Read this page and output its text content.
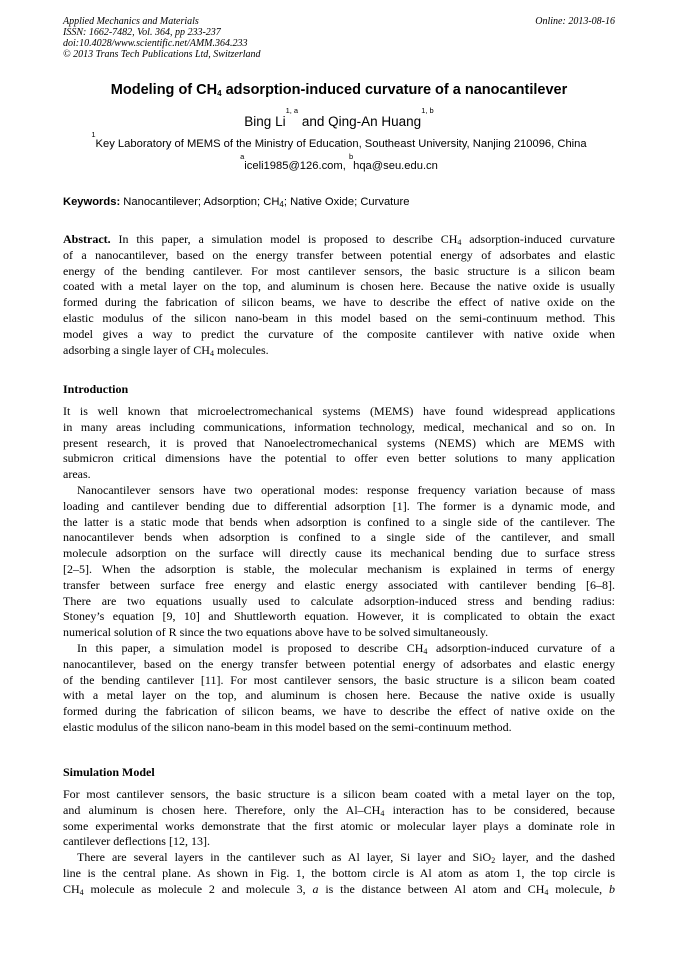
Applied Mechanics and Materials
ISSN: 1662-7482, Vol. 364, pp 233-237
doi:10.4028/www.scientific.net/AMM.364.233
© 2013 Trans Tech Publications Ltd, Switzerland
Online: 2013-08-16
Modeling of $CH_4$ adsorption-induced curvature of a nanocantilever
Bing Li$^{1, a}$ and Qing-An Huang$^{1, b}$
$^1$Key Laboratory of MEMS of the Ministry of Education, Southeast University, Nanjing 210096, China
$^a$iceli1985@126.com, $^b$hqa@seu.edu.cn
Keywords: Nanocantilever; Adsorption; $CH_4$; Native Oxide; Curvature
Abstract. In this paper, a simulation model is proposed to describe $CH_4$ adsorption-induced curvature
of a nanocantilever, based on the energy transfer between potential energy of adsorbates and elastic
energy of the bending cantilever. For most cantilever sensors, the basic structure is a silicon beam
coated with a metal layer on the top, and aluminum is chosen here. Because the native oxide is usually
formed during the fabrication of silicon beams, we have to describe the effect of native oxide on the
elastic modulus of the silicon nano-beam in this model based on the semi-continuum method. This
model gives a way to predict the curvature of the composite cantilever with native oxide when
adsorbing a single layer of $CH_4$ molecules.
Introduction
It is well known that microelectromechanical systems (MEMS) have found widespread applications
in many areas including communications, information technology, medical, mechanical and so on. In
present research, it is proved that Nanoelectromechanical systems (NEMS) which are MEMS with
submicron critical dimensions have the potential to offer even better solutions to many application
areas.
Nanocantilever sensors have two operational modes: response frequency variation because of mass
loading and cantilever bending due to differential adsorption [1]. The former is a dynamic mode, and
the latter is a static mode that bends when adsorption is confined to a single side of the cantilever. The
nanocantilever bends when adsorption is confined to a single side of the cantilever, and small
molecule adsorption on the surface will directly cause its mechanical bending due to surface stress
[2–5]. When the adsorption is stable, the molecular mechanism is explained in terms of energy
transfer between surface free energy and elastic energy associated with cantilever bending [6–8].
There are two equations usually used to calculate adsorption-induced stress and bending radius:
Stoney’s equation [9, 10] and Shuttleworth equation. However, it is complicated to obtain the exact
numerical solution of R since the two equations above have to be solved simultaneously.
In this paper, a simulation model is proposed to describe $CH_4$ adsorption-induced curvature of a
nanocantilever, based on the energy transfer between potential energy of adsorbates and elastic energy
of the bending cantilever [11]. For most cantilever sensors, the basic structure is a silicon beam coated
with a metal layer on the top, and aluminum is chosen here. Because the native oxide is usually
formed during the fabrication of silicon beams, we have to describe the effect of native oxide on the
elastic modulus of the silicon nano-beam in this model based on the semi-continuum method.
Simulation Model
For most cantilever sensors, the basic structure is a silicon beam coated with a metal layer on the top,
and aluminum is chosen here. Therefore, only the $Al-CH_4$ interaction has to be considered, because
some experimental works demonstrate that the first atomic or molecular layer plays a dominate role in
cantilever deflections [12, 13].
There are several layers in the cantilever such as Al layer, Si layer and SiO$_2$ layer, and the dashed
line is the central plane. As shown in Fig. 1, the bottom circle is Al atom as atom 1, the top circle is
$CH_4$ molecule as molecule 2 and molecule 3, a is the distance between Al atom and $CH_4$ molecule, b
